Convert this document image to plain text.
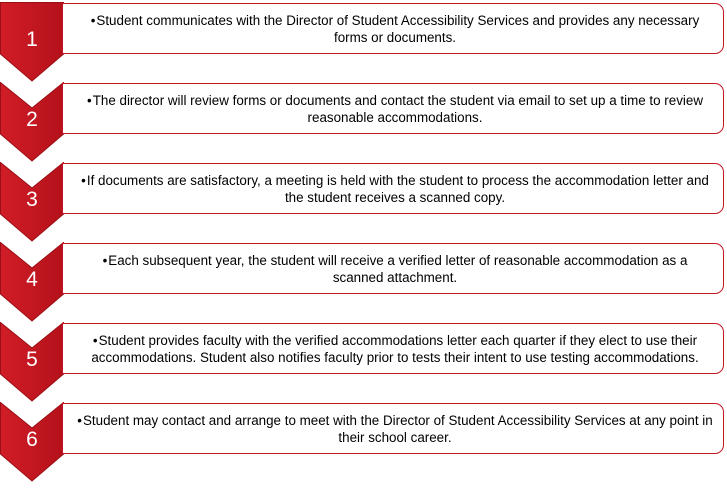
1

•Student communicates with the Director of Student Accessibility Services and provides any necessary forms or documents.

2

•The director will review forms or documents and contact the student via email to set up a time to review reasonable accommodations.

3

•If documents are satisfactory, a meeting is held with the student to process the accommodation letter and the student receives a scanned copy.

4

•Each subsequent year, the student will receive a verified letter of reasonable accommodation as a scanned attachment.

5

•Student provides faculty with the verified accommodations letter each quarter if they elect to use their accommodations. Student also notifies faculty prior to tests their intent to use testing accommodations.

6

•Student may contact and arrange to meet with the Director of Student Accessibility Services at any point in their school career.
